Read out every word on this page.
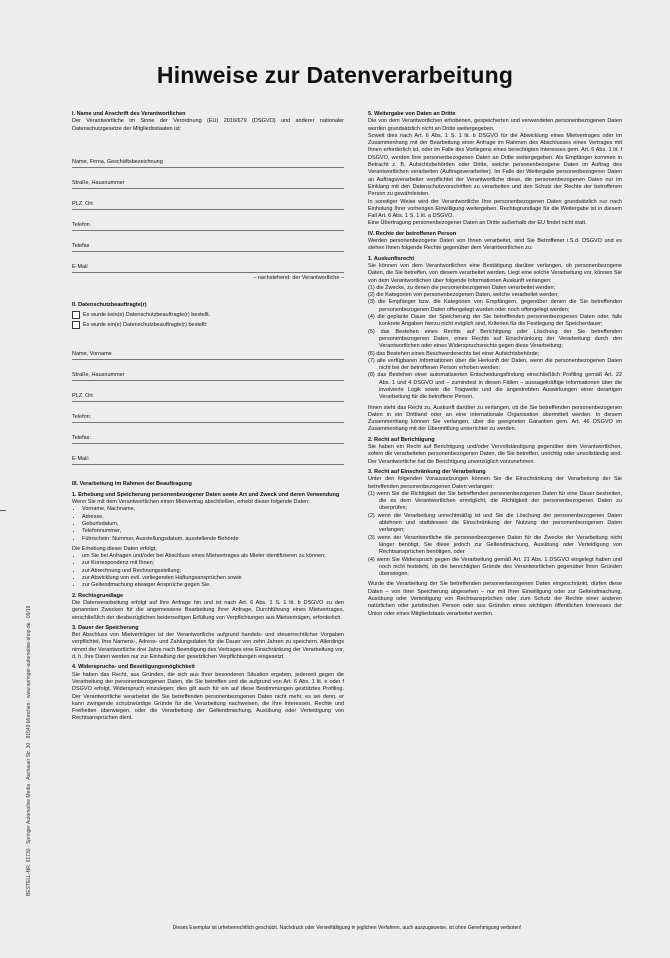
Hinweise zur Datenverarbeitung
I. Name und Anschrift des Verantwortlichen

Der Verantwortliche im Sinne der Verordnung (EU) 2016/679 (DSGVO) und anderer nationaler Datenschutzgesetze der Mitgliedsstaaten ist:

Name, Firma, Geschäftsbezeichnung
Straße, Hausnummer
PLZ, Ort
Telefon
Telefax
E-Mail
– nachstehend: der Verantwortliche –
II. Datenschutzbeauftragte(r)
Es wurde kein(e) Datenschutzbeauftragte(r) bestellt.
Es wurde ein(e) Datenschutzbeauftragte(r) bestellt:
Name, Vorname
Straße, Hausnummer
PLZ, Ort
Telefon:
Telefax:
E-Mail:
III. Verarbeitung im Rahmen der Beauftragung
1. Erhebung und Speicherung personenbezogener Daten sowie Art und Zweck und deren Verwendung

Wenn Sie mit dem Verantwortlichen einen Mietvertrag abschließen, erhebt dieser folgende Daten:

• Vorname, Nachname,
• Adresse,
• Geburtsdatum,
• Telefonnummer,
• Führschein: Nummer, Ausstellungsdatum, ausstellende Behörde

Die Erhebung dieser Daten erfolgt,

• um Sie bei Anfragen und/oder bei Abschluss eines Mietvertrages als Mieter identifizieren zu können;
• zur Korrespondenz mit Ihnen;
• zur Abrechnung und Rechnungsstellung;
• zur Abwicklung von evtl. vorliegenden Haftungsansprüchen sowie
• zur Geltendmachung etwaiger Ansprüche gegen Sie.
2. Rechtsgrundlage

Die Datenverarbeitung erfolgt auf Ihre Anfrage hin und ist nach Art. 6 Abs. 1 S. 1 lit. b DSGVO zu den genannten Zwecken für die angemessene Bearbeitung Ihrer Anfrage, Durchführung eines Mietvertrages, einschließlich der diesbezüglichen beiderseitigen Erfüllung von Verpflichtungen aus Mietverträgen, erforderlich.

3. Dauer der Speicherung

Bei Abschluss von Mietverträgen ist der Verantwortliche aufgrund handels- und steuerrechtlicher Vorgaben verpflichtet, Ihre Namens-, Adress- und Zahlungsdaten für die Dauer von zehn Jahren zu speichern. Allerdings nimmt der Verantwortliche drei Jahre nach Beendigung des Vertrages eine Einschränkung der Verarbeitung vor, d. h. Ihre Daten werden nur zur Einhaltung der gesetzlichen Verpflichtungen eingesetzt.

4. Widerspruchs- und Beseitigungsmöglichkeit

Sie haben das Recht, aus Gründen, die sich aus Ihrer besonderen Situation ergeben, jederzeit gegen die Verarbeitung der personenbezogenen Daten, die Sie betreffen und die aufgrund von Art. 6 Abs. 1 lit. e oder f DSGVO erfolgt, Widerspruch einzulegen; dies gilt auch für ein auf diese Bestimmungen gestütztes Profiling. Der Verantwortliche verarbeitet die Sie betreffenden personenbezogenen Daten nicht mehr, es sei denn, er kann zwingende schutzwürdige Gründe für die Verarbeitung nachweisen, die Ihre Interessen, Rechte und Freiheiten überwiegen, oder die Verarbeitung der Geltendmachung, Ausübung oder Verteidigung von Rechtsansprüchen dient.

5. Weitergabe von Daten an Dritte

Die von dem Verantwortlichen erhobenen, gespeicherten und verwendeten personenbezogenen Daten werden grundsätzlich nicht an Dritte weitergegeben.

Soweit dies nach Art. 6 Abs. 1 S. 1 lit. b DSGVO für die Abwicklung eines Mietvertrages oder im Zusammenhang mit der Bearbeitung einer Anfrage im Rahmen des Abschlusses eines Vertrages mit Ihnen erforderlich ist, oder im Falle des Vorliegens eines berechtigten Interesses gem. Art. 6 Abs. 1 lit. f DSGVO, werden Ihre personenbezogenen Daten an Dritte weitergegeben. Als Empfänger kommen in Betracht z. B. Aufsichtsbehörden oder Dritte, welche personenbezogene Daten im Auftrag des Verantwortlichen verarbeiten (Auftragsverarbeiter). Im Falle der Weitergabe personenbezogener Daten an Auftragsverarbeiter verpflichtet der Verantwortliche diese, die personenbezogenen Daten nur im Einklang mit den Datenschutzvorschriften zu verarbeiten und den Schutz der Rechte der betroffenen Person zu gewährleisten.

In sonstiger Weise wird der Verantwortliche Ihre personenbezogenen Daten grundsätzlich nur nach Einholung Ihrer vorherigen Einwilligung weitergeben. Rechtsgrundlage für die Weitergabe ist in diesem Fall Art. 6 Abs. 1 S. 1 lit. a DSGVO.

Eine Übertragung personenbezogener Daten an Dritte außerhalb der EU findet nicht statt.

IV. Rechte der betroffenen Person

Werden personenbezogene Daten von Ihnen verarbeitet, sind Sie Betroffener i.S.d. DSGVO und es stehen Ihnen folgende Rechte gegenüber dem Verantwortlichen zu:

1. Auskunftsrecht

Sie können von dem Verantwortlichen eine Bestätigung darüber verlangen, ob personenbezogene Daten, die Sie betreffen, von diesem verarbeitet werden. Liegt eine solche Verarbeitung vor, können Sie von dem Verantwortlichen über folgende Informationen Auskunft verlangen:

(1) die Zwecke, zu denen die personenbezogenen Daten verarbeitet werden;
(2) die Kategorien von personenbezogenen Daten, welche verarbeitet werden;
(3) die Empfänger bzw. die Kategorien von Empfängern, gegenüber denen die Sie betreffenden personenbezogenen Daten offengelegt wurden oder noch offengelegt werden;
(4) die geplante Dauer der Speicherung der Sie betreffenden personenbezogenen Daten oder, falls konkrete Angaben hierzu nicht möglich sind, Kriterien für die Festlegung der Speicherdauer;
(5) das Bestehen eines Rechts auf Berichtigung oder Löschung der Sie betreffenden personenbezogenen Daten, eines Rechts auf Einschränkung der Verarbeitung durch den Verantwortlichen oder eines Widerspruchsrechts gegen diese Verarbeitung;
(6) das Bestehen eines Beschwerderechts bei einer Aufsichtsbehörde;
(7) alle verfügbaren Informationen über die Herkunft der Daten, wenn die personenbezogenen Daten nicht bei der betroffenen Person erhoben werden;
(8) das Bestehen einer automatisierten Entscheidungsfindung einschließlich Profiling gemäß Art. 22 Abs. 1 und 4 DSGVO und – zumindest in diesen Fällen – aussagekräftige Informationen über die involvierte Logik sowie die Tragweite und die angestrebten Auswirkungen einer derartigen Verarbeitung für die betroffene Person.

Ihnen steht das Recht zu, Auskunft darüber zu verlangen, ob die Sie betreffenden personenbezogenen Daten in ein Drittland oder an eine internationale Organisation übermittelt werden. In diesem Zusammenhang können Sie verlangen, über die geeigneten Garantien gem. Art. 46 DSGVO im Zusammenhang mit der Übermittlung unterrichtet zu werden.

2. Recht auf Berichtigung

Sie haben ein Recht auf Berichtigung und/oder Vervollständigung gegenüber dem Verantwortlichen, sofern die verarbeiteten personenbezogenen Daten, die Sie betreffen, unrichtig oder unvollständig sind. Der Verantwortliche hat die Berichtigung unverzüglich vorzunehmen.

3. Recht auf Einschränkung der Verarbeitung

Unter den folgenden Voraussetzungen können Sie die Einschränkung der Verarbeitung der Sie betreffenden personenbezogenen Daten verlangen:

(1) wenn Sie die Richtigkeit der Sie betreffenden personenbezogenen Daten für eine Dauer bestreiten, die es dem Verantwortlichen ermöglicht, die Richtigkeit der personenbezogenen Daten zu überprüfen;
(2) wenn die Verarbeitung unrechtmäßig ist und Sie die Löschung der personenbezogenen Daten ablehnen und stattdessen die Einschränkung der Nutzung der personenbezogenen Daten verlangen;
(3) wenn der Verantwortliche die personenbezogenen Daten für die Zwecke der Verarbeitung nicht länger benötigt, Sie diese jedoch zur Geltendmachung, Ausübung oder Verteidigung von Rechtsansprüchen benötigen, oder
(4) wenn Sie Widerspruch gegen die Verarbeitung gemäß Art. 21 Abs. 1 DSGVO eingelegt haben und noch nicht feststeht, ob die berechtigten Gründe des Verantwortlichen gegenüber Ihren Gründen überwiegen.

Wurde die Verarbeitung der Sie betreffenden personenbezogenen Daten eingeschränkt, dürfen diese Daten – von ihrer Speicherung abgesehen – nur mit Ihrer Einwilligung oder zur Geltendmachung, Ausübung oder Verteidigung von Rechtsansprüchen oder zum Schutz der Rechte einer anderen natürlichen oder juristischen Person oder aus Gründen eines wichtigen öffentlichen Interesses der Union oder eines Mitgliedstaats verarbeitet werden.

BESTELL-NR. 61730 · Springer Automotive Media · Aschauer Str. 30 · 81549 München · www.springer-automotive-shop.de · 09/19
Dieses Exemplar ist urheberrechtlich geschützt. Nachdruck oder Vervielfältigung in jeglichen Verfahren, auch auszugsweise, ist ohne Genehmigung verboten!
